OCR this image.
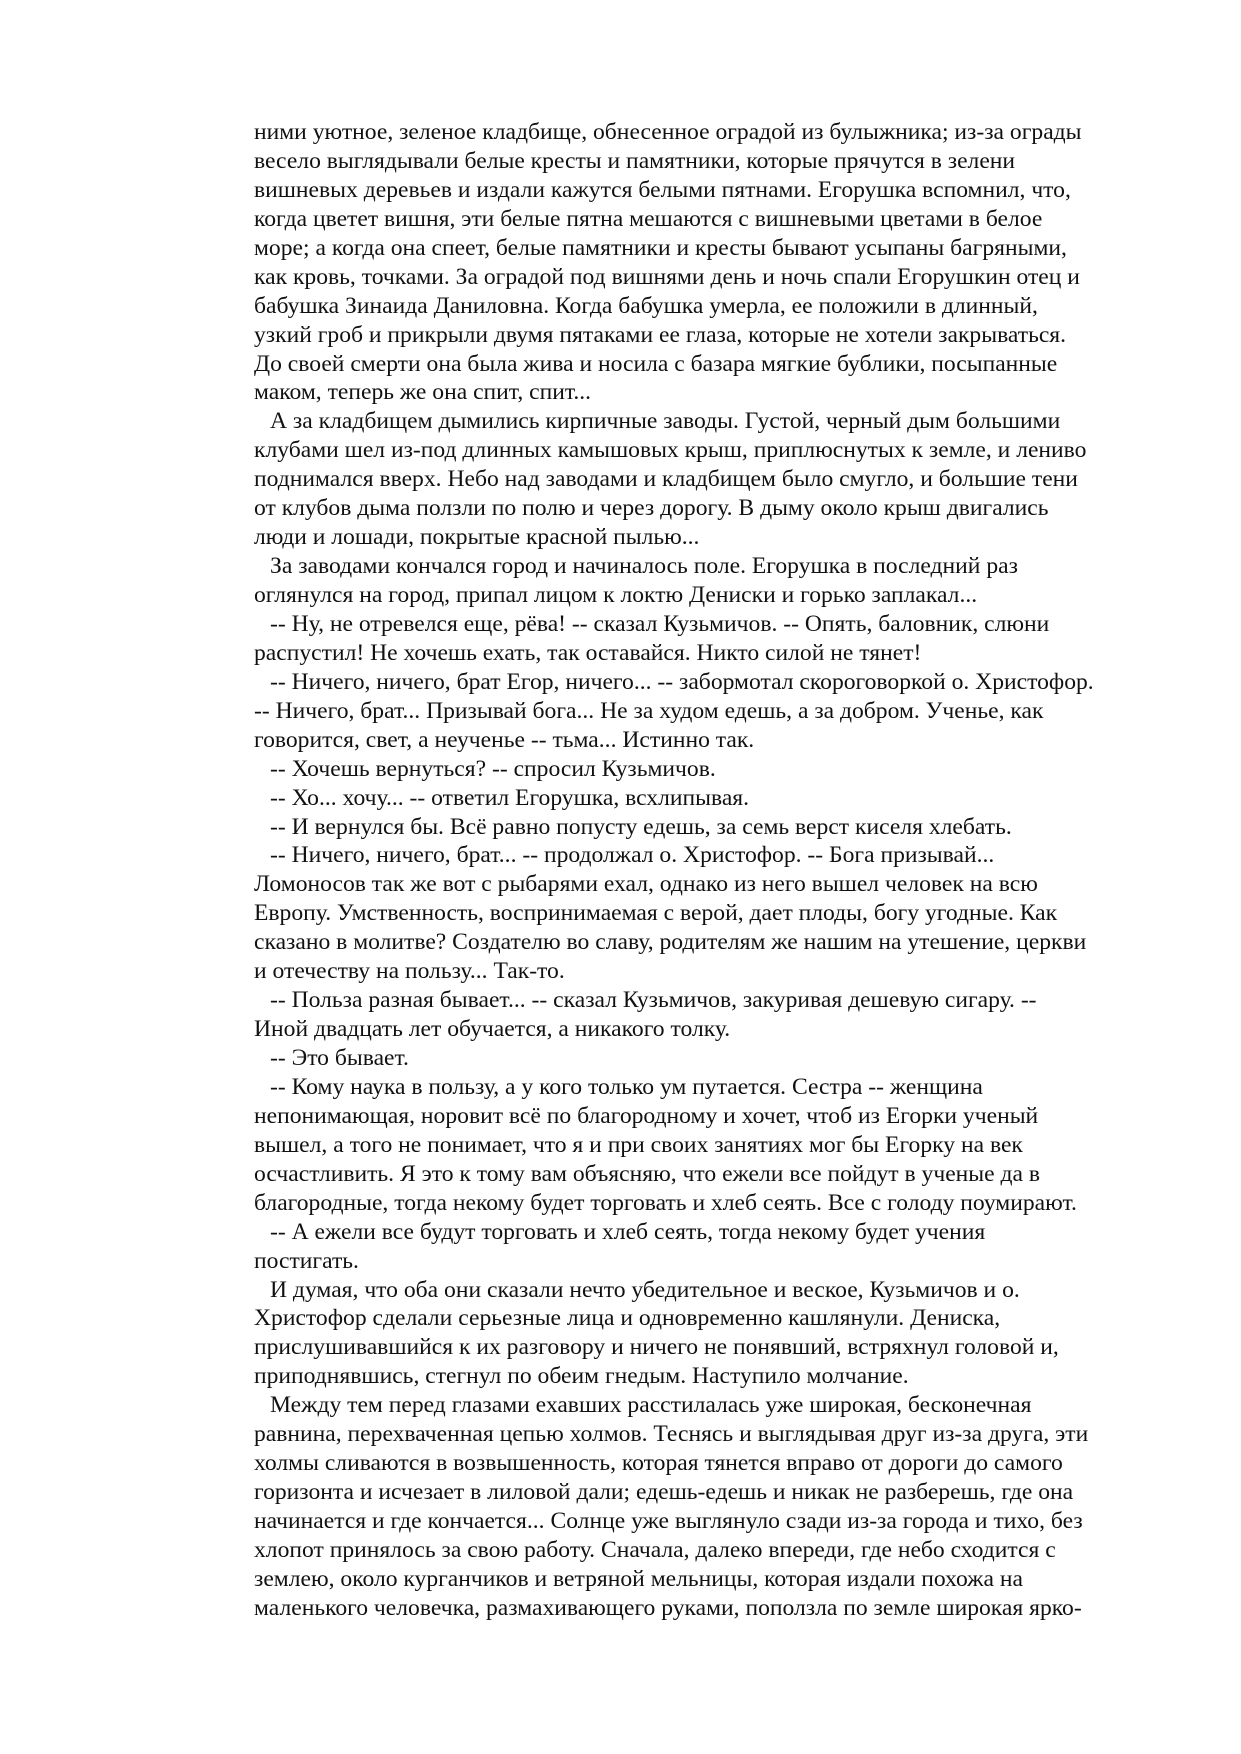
ними уютное, зеленое кладбище, обнесенное оградой из булыжника; из-за ограды
весело выглядывали белые кресты и памятники, которые прячутся в зелени
вишневых деревьев и издали кажутся белыми пятнами. Егорушка вспомнил, что,
когда цветет вишня, эти белые пятна мешаются с вишневыми цветами в белое
море; а когда она спеет, белые памятники и кресты бывают усыпаны багряными,
как кровь, точками. За оградой под вишнями день и ночь спали Егорушкин отец и
бабушка Зинаида Даниловна. Когда бабушка умерла, ее положили в длинный,
узкий гроб и прикрыли двумя пятаками ее глаза, которые не хотели закрываться.
До своей смерти она была жива и носила с базара мягкие бублики, посыпанные
маком, теперь же она спит, спит...
А за кладбищем дымились кирпичные заводы. Густой, черный дым большими
клубами шел из-под длинных камышовых крыш, приплюснутых к земле, и лениво
поднимался вверх. Небо над заводами и кладбищем было смугло, и большие тени
от клубов дыма ползли по полю и через дорогу. В дыму около крыш двигались
люди и лошади, покрытые красной пылью...
За заводами кончался город и начиналось поле. Егорушка в последний раз
оглянулся на город, припал лицом к локтю Дениски и горько заплакал...
-- Ну, не отревелся еще, рёва! -- сказал Кузьмичов. -- Опять, баловник, слюни
распустил! Не хочешь ехать, так оставайся. Никто силой не тянет!
-- Ничего, ничего, брат Егор, ничего... -- забормотал скороговоркой о. Христофор.
-- Ничего, брат... Призывай бога... Не за худом едешь, а за добром. Ученье, как
говорится, свет, а неученье -- тьма... Истинно так.
-- Хочешь вернуться? -- спросил Кузьмичов.
-- Хо... хочу... -- ответил Егорушка, всхлипывая.
-- И вернулся бы. Всё равно попусту едешь, за семь верст киселя хлебать.
-- Ничего, ничего, брат... -- продолжал о. Христофор. -- Бога призывай...
Ломоносов так же вот с рыбарями ехал, однако из него вышел человек на всю
Европу. Умственность, воспринимаемая с верой, дает плоды, богу угодные. Как
сказано в молитве? Создателю во славу, родителям же нашим на утешение, церкви
и отечеству на пользу... Так-то.
-- Польза разная бывает... -- сказал Кузьмичов, закуривая дешевую сигару. --
Иной двадцать лет обучается, а никакого толку.
-- Это бывает.
-- Кому наука в пользу, а у кого только ум путается. Сестра -- женщина
непонимающая, норовит всё по благородному и хочет, чтоб из Егорки ученый
вышел, а того не понимает, что я и при своих занятиях мог бы Егорку на век
осчастливить. Я это к тому вам объясняю, что ежели все пойдут в ученые да в
благородные, тогда некому будет торговать и хлеб сеять. Все с голоду поумирают.
-- А ежели все будут торговать и хлеб сеять, тогда некому будет учения
постигать.
И думая, что оба они сказали нечто убедительное и веское, Кузьмичов и о.
Христофор сделали серьезные лица и одновременно кашлянули. Дениска,
прислушивавшийся к их разговору и ничего не понявший, встряхнул головой и,
приподнявшись, стегнул по обеим гнедым. Наступило молчание.
Между тем перед глазами ехавших расстилалась уже широкая, бесконечная
равнина, перехваченная цепью холмов. Теснясь и выглядывая друг из-за друга, эти
холмы сливаются в возвышенность, которая тянется вправо от дороги до самого
горизонта и исчезает в лиловой дали; едешь-едешь и никак не разберешь, где она
начинается и где кончается... Солнце уже выглянуло сзади из-за города и тихо, без
хлопот принялось за свою работу. Сначала, далеко впереди, где небо сходится с
землею, около курганчиков и ветряной мельницы, которая издали похожа на
маленького человечка, размахивающего руками, поползла по земле широкая ярко-
